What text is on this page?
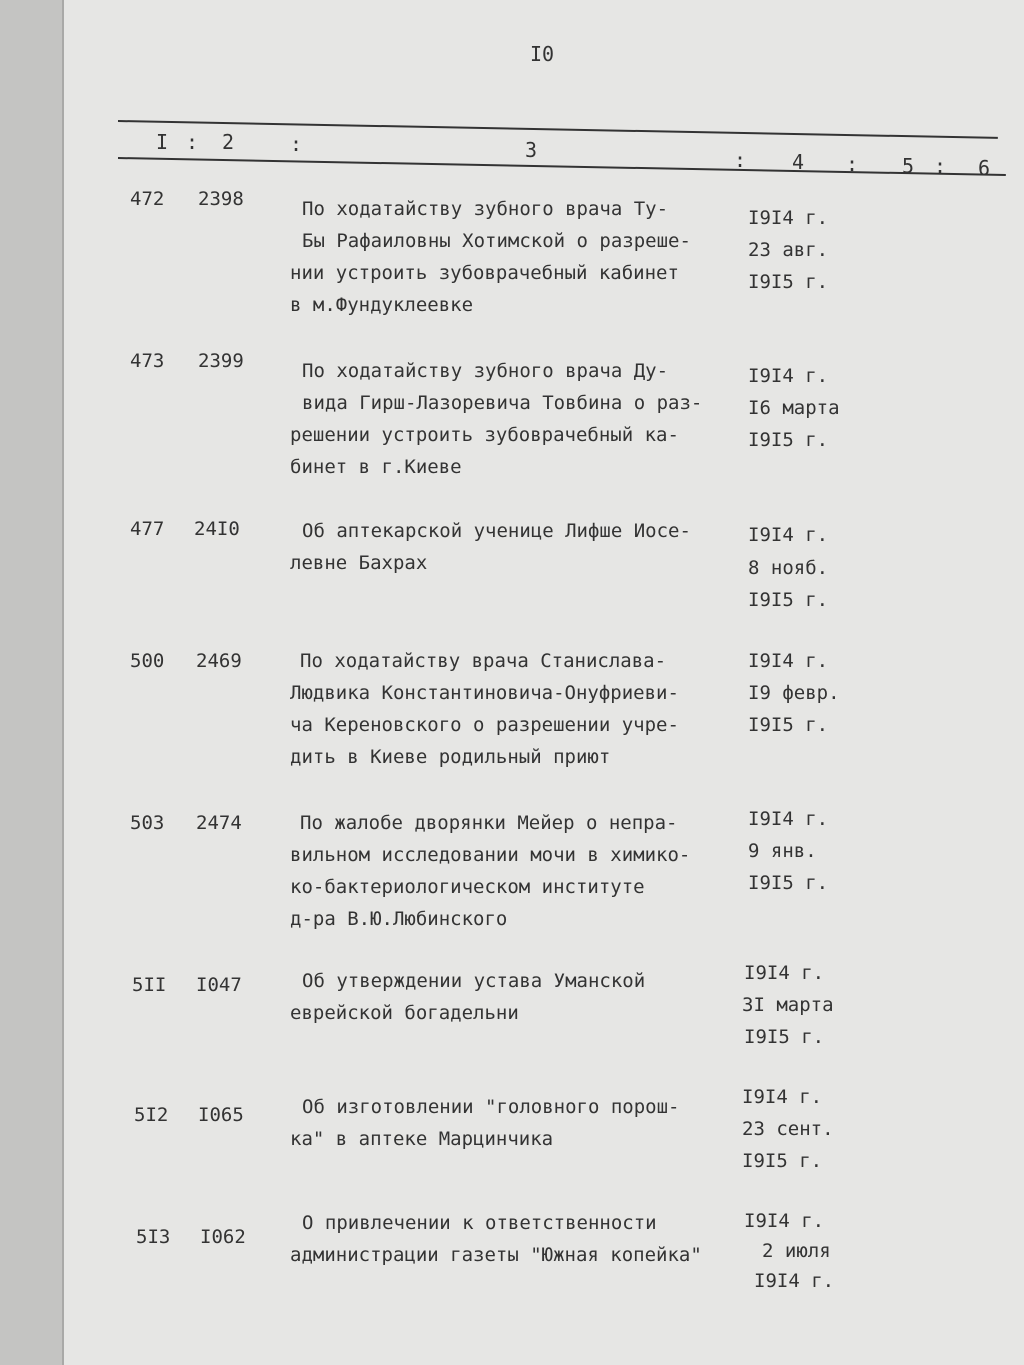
I0
I : 2	:	3	: 4 : 5 : 6
472	2398	По ходатайству зубного врача Ту-
Бы Рафаиловны Хотимской о разреше-
нии устроить зубоврачебный кабинет
в м.Фундуклеевке
I9I4 г.
23 авг.
I9I5 г.
473	2399	По ходатайству зубного врача Ду-
вида Гирш-Лазоревича Товбина о раз-
решении устроить зубоврачебный ка-
бинет в г.Киеве
I9I4 г.
I6 марта
I9I5 г.
477	24I0	Об аптекарской ученице Лифше Иосе-
левне Бахрах
I9I4 г.
8 нояб.
I9I5 г.
500	2469	По ходатайству врача Станислава-
Людвика Константиновича-Онуфриеви-
ча Кереновского о разрешении учре-
дить в Киеве родильный приют
I9I4 г.
I9 февр.
I9I5 г.
503	2474	По жалобе дворянки Мейер о непра-
вильном исследовании мочи в химико-
ко-бактериологическом институте
д-ра В.Ю.Любинского
I9I4 г.
9 янв.
I9I5 г.
5II	I047	Об утверждении устава Уманской
еврейской богадельни
I9I4 г.
3I марта
I9I5 г.
5I2	I065	Об изготовлении "головного порош-
ка" в аптеке Марцинчика
I9I4 г.
23 сент.
I9I5 г.
5I3	I062
О привлечении к ответственности
администрации газеты "Южная копейка"
I9I4 г.
2 июля
I9I4 г.
